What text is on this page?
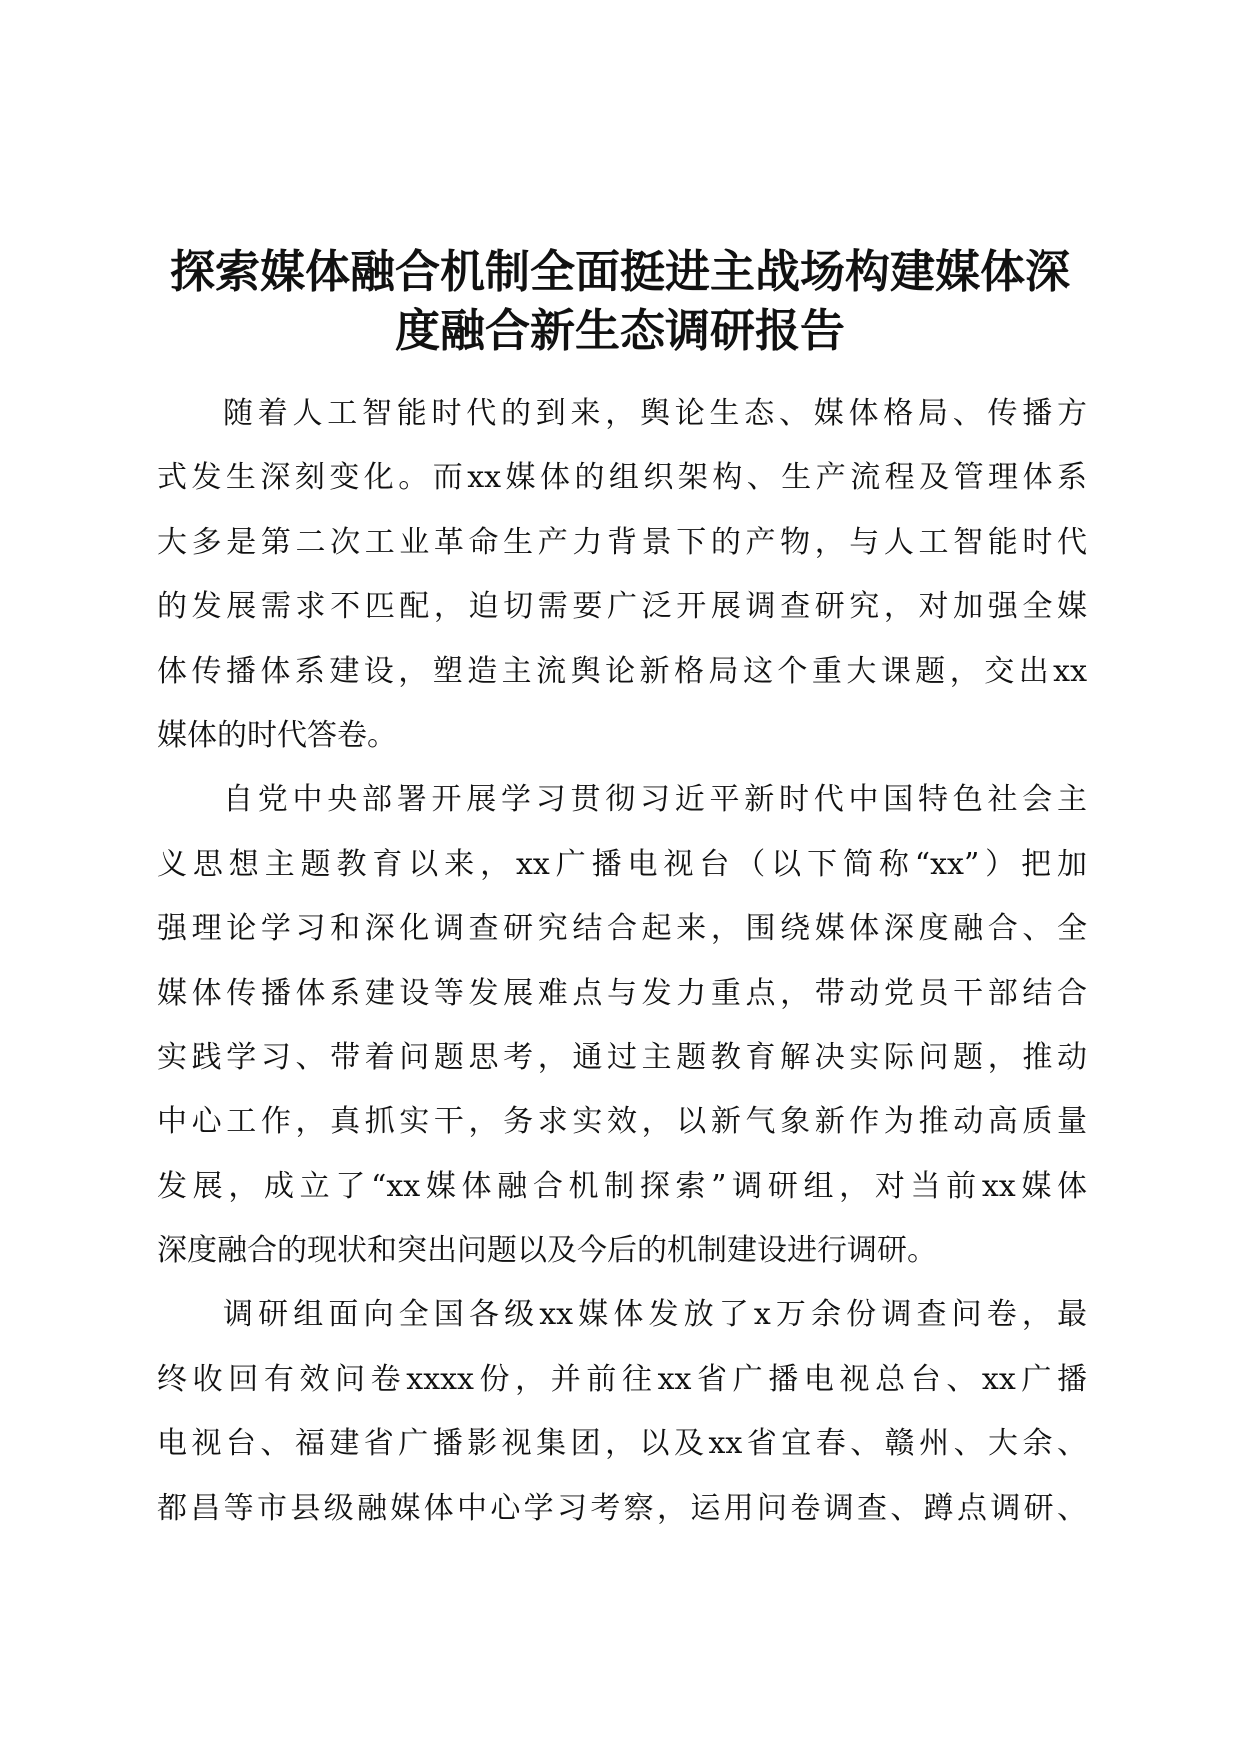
探索媒体融合机制全面挺进主战场构建媒体深
度融合新生态调研报告
随着人工智能时代的到来，舆论生态、媒体格局、传播方
式发生深刻变化。而xx媒体的组织架构、生产流程及管理体系
大多是第二次工业革命生产力背景下的产物，与人工智能时代
的发展需求不匹配，迫切需要广泛开展调查研究，对加强全媒
体传播体系建设，塑造主流舆论新格局这个重大课题，交出xx
媒体的时代答卷。
自党中央部署开展学习贯彻习近平新时代中国特色社会主
义思想主题教育以来，xx广播电视台（以下简称“xx”）把加
强理论学习和深化调查研究结合起来，围绕媒体深度融合、全
媒体传播体系建设等发展难点与发力重点，带动党员干部结合
实践学习、带着问题思考，通过主题教育解决实际问题，推动
中心工作，真抓实干，务求实效，以新气象新作为推动高质量
发展，成立了“xx媒体融合机制探索”调研组，对当前xx媒体
深度融合的现状和突出问题以及今后的机制建设进行调研。
调研组面向全国各级xx媒体发放了x万余份调查问卷，最
终收回有效问卷xxxx份，并前往xx省广播电视总台、xx广播
电视台、福建省广播影视集团，以及xx省宜春、赣州、大余、
都昌等市县级融媒体中心学习考察，运用问卷调查、蹲点调研、
